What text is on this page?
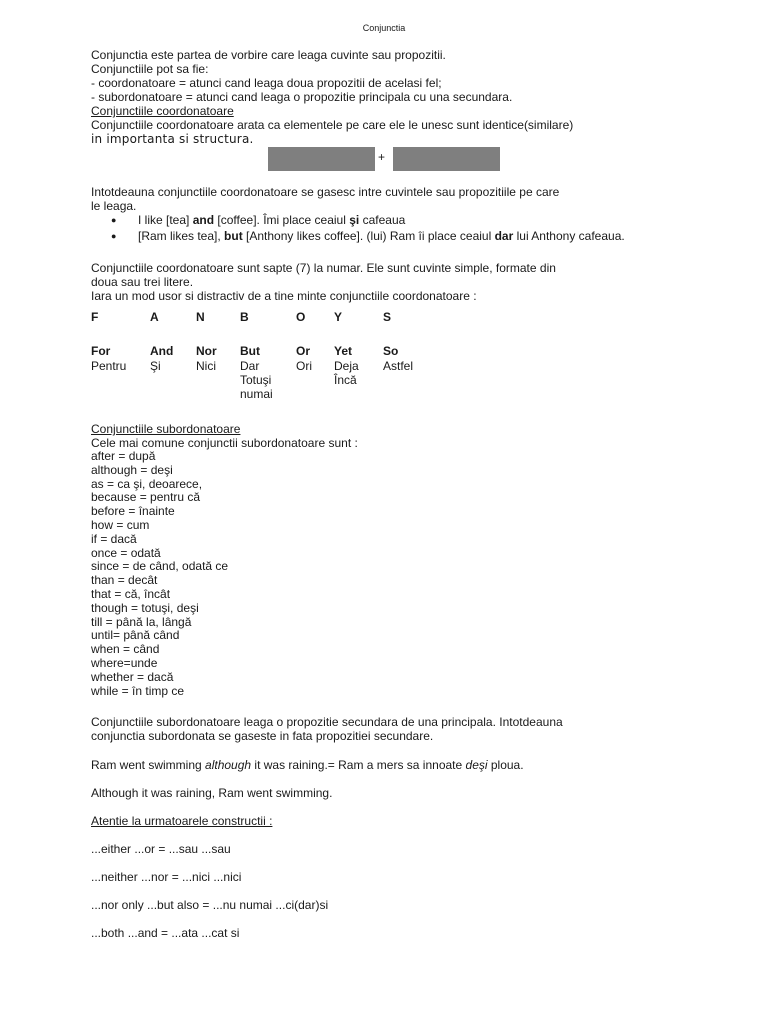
Conjunctia
Conjunctia este partea de vorbire care leaga cuvinte sau propozitii.
Conjunctiile pot sa fie:
- coordonatoare = atunci cand leaga doua propozitii de acelasi fel;
- subordonatoare = atunci cand leaga o propozitie principala cu una secundara.
Conjunctiile coordonatoare
Conjunctiile coordonatoare arata ca elementele pe care ele le unesc sunt identice(similare)
in importanta si structura.
+
Intotdeauna conjunctiile coordonatoare se gasesc intre cuvintele sau propozitiile pe care
le leaga.
● I like [tea] and [coffee]. Îmi place ceaiul şi cafeaua
● [Ram likes tea], but [Anthony likes coffee]. (lui) Ram îi place ceaiul dar lui Anthony cafeaua.
Conjunctiile coordonatoare sunt sapte (7) la numar. Ele sunt cuvinte simple, formate din
doua sau trei litere.
Iara un mod usor si distractiv de a tine minte conjunctiile coordonatoare :
F
For
Pentru
A
And
Şi
N
Nor
Nici
B
But
Dar
Totuşi
numai
O
Or
Ori
Y
Yet
Deja
Încă
S
So
Astfel
Conjunctiile subordonatoare
Cele mai comune conjunctii subordonatoare sunt :
after = după
although = deşi
as = ca şi, deoarece,
because = pentru că
before = înainte
how = cum
if = dacă
once = odată
since = de când, odată ce
than = decât
that = că, încât
though = totuşi, deşi
till = până la, lângă
until= până când
when = când
where=unde
whether = dacă
while = în timp ce
Conjunctiile subordonatoare leaga o propozitie secundara de una principala. Intotdeauna
conjunctia subordonata se gaseste in fata propozitiei secundare.
Ram went swimming although it was raining.= Ram a mers sa innoate deşi ploua.
Although it was raining, Ram went swimming.
Atentie la urmatoarele constructii :
...either ...or = ...sau ...sau
...neither ...nor = ...nici ...nici
...nor only ...but also = ...nu numai ...ci(dar)si
...both ...and = ...ata ...cat si
